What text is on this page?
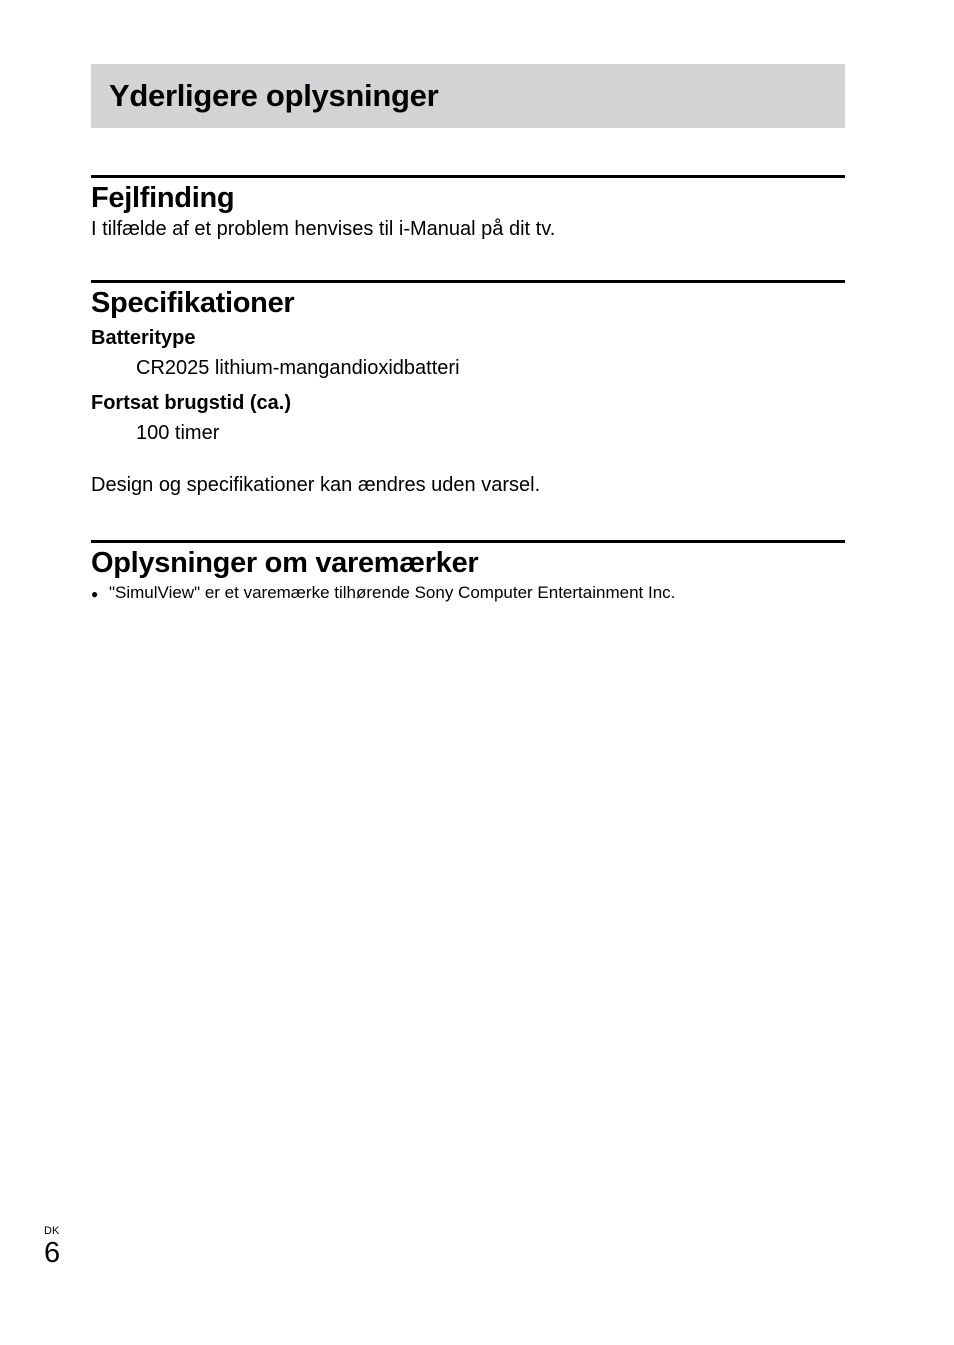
Yderligere oplysninger
Fejlfinding

I tilfælde af et problem henvises til i-Manual på dit tv.

Specifikationer

Batteritype

CR2025 lithium-mangandioxidbatteri

Fortsat brugstid (ca.)

100 timer

Design og specifikationer kan ændres uden varsel.

Oplysninger om varemærker
● "SimulView" er et varemærke tilhørende Sony Computer Entertainment Inc.
DK
6
